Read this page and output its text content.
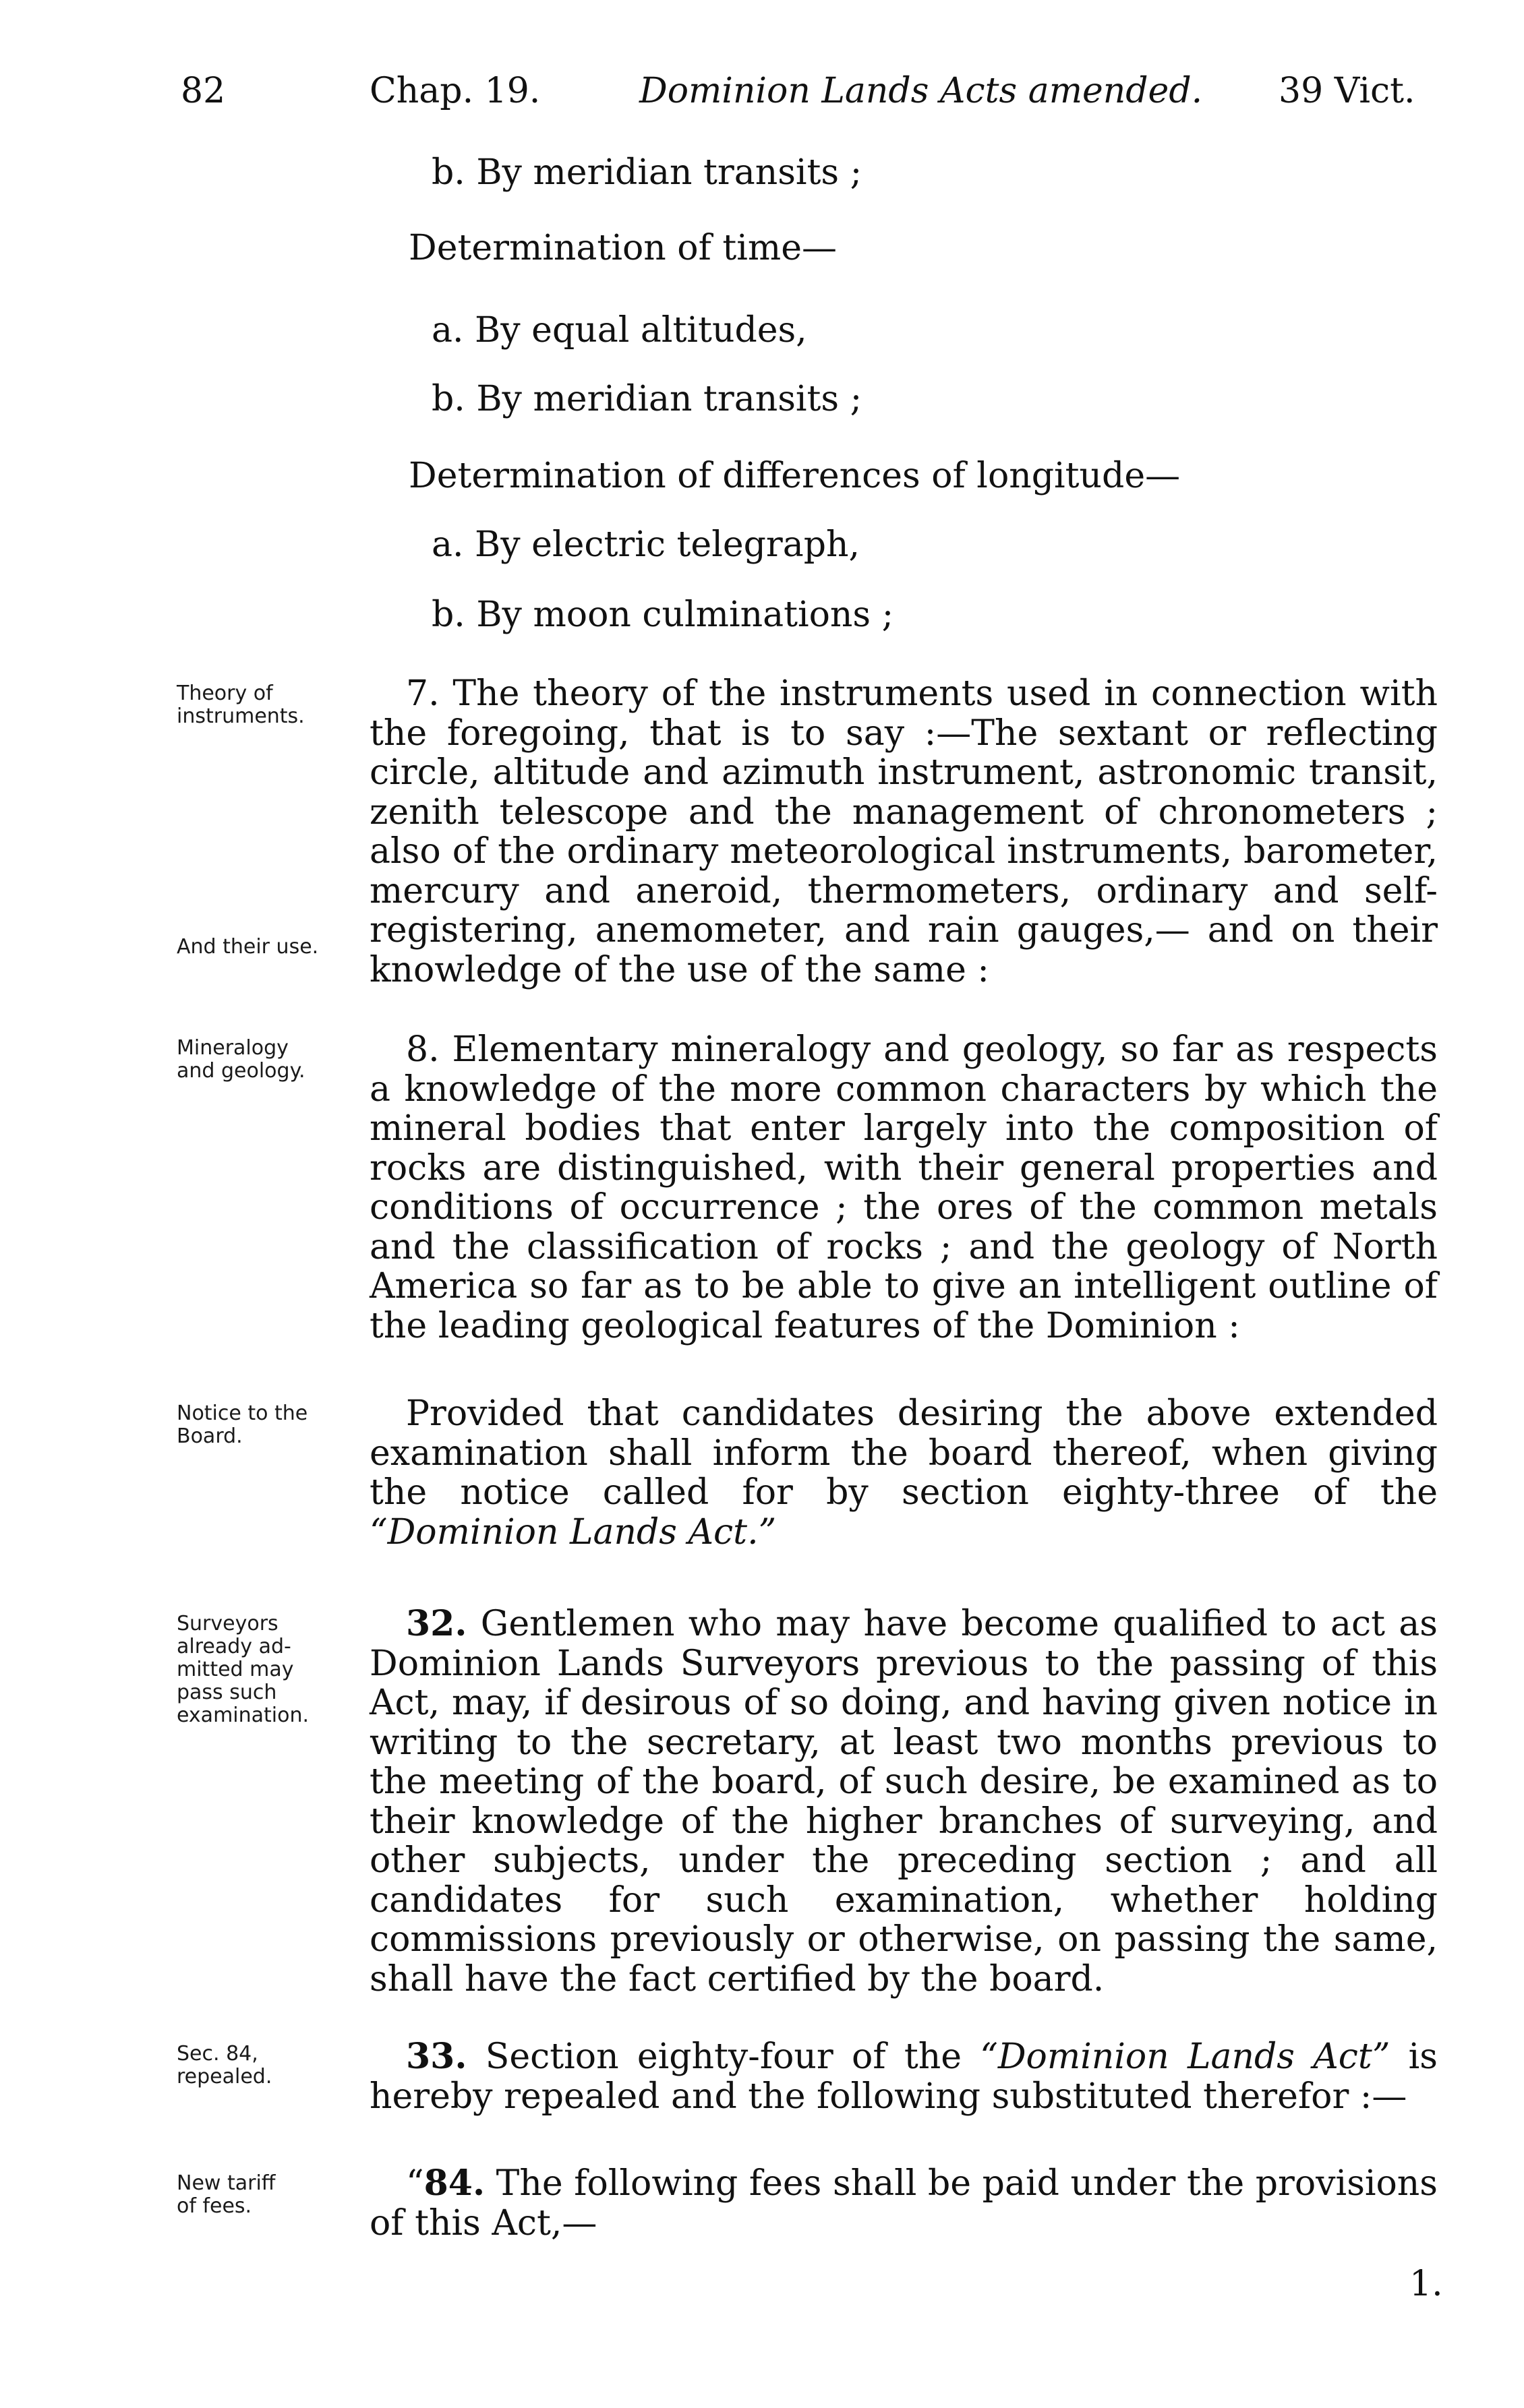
82	Chap. 19.	Dominion Lands Acts amended. 39 Vict.
b. By meridian transits ;
Determination of time—
a. By equal altitudes,
b. By meridian transits ;
Determination of differences of longitude—
a. By electric telegraph,
b. By moon culminations ;
Theory of
instruments.

7. The theory of the instruments used in connection with the foregoing, that is to say :—The sextant or reflecting circle, altitude and azimuth instrument, astronomic transit, zenith telescope and the management of chronometers ; also of the ordinary meteorological instruments, barometer, mercury and aneroid, thermometers, ordinary and self-registering, anemometer, and rain gauges,— and on their knowledge of the use of the same :

And their use.
Mineralogy
and geology.

8. Elementary mineralogy and geology, so far as respects a knowledge of the more common characters by which the mineral bodies that enter largely into the composition of rocks are distinguished, with their general properties and conditions of occurrence ; the ores of the common metals and the classification of rocks ; and the geology of North America so far as to be able to give an intelligent outline of the leading geological features of the Dominion :

Notice to the
Board.

Provided that candidates desiring the above extended examination shall inform the board thereof, when giving the notice called for by section eighty-three of the “Dominion Lands Act.”

Surveyors
already ad-
mitted may
pass such
examination.

32. Gentlemen who may have become qualified to act as Dominion Lands Surveyors previous to the passing of this Act, may, if desirous of so doing, and having given notice in writing to the secretary, at least two months previous to the meeting of the board, of such desire, be examined as to their knowledge of the higher branches of surveying, and other subjects, under the preceding section ; and all candidates for such examination, whether holding commissions previously or otherwise, on passing the same, shall have the fact certified by the board.

Sec. 84,
repealed.	33. Section eighty-four of the “Dominion Lands Act” is hereby repealed and the following substituted therefor :—

New tariff
of fees.

“84. The following fees shall be paid under the provisions of this Act,—

1.
